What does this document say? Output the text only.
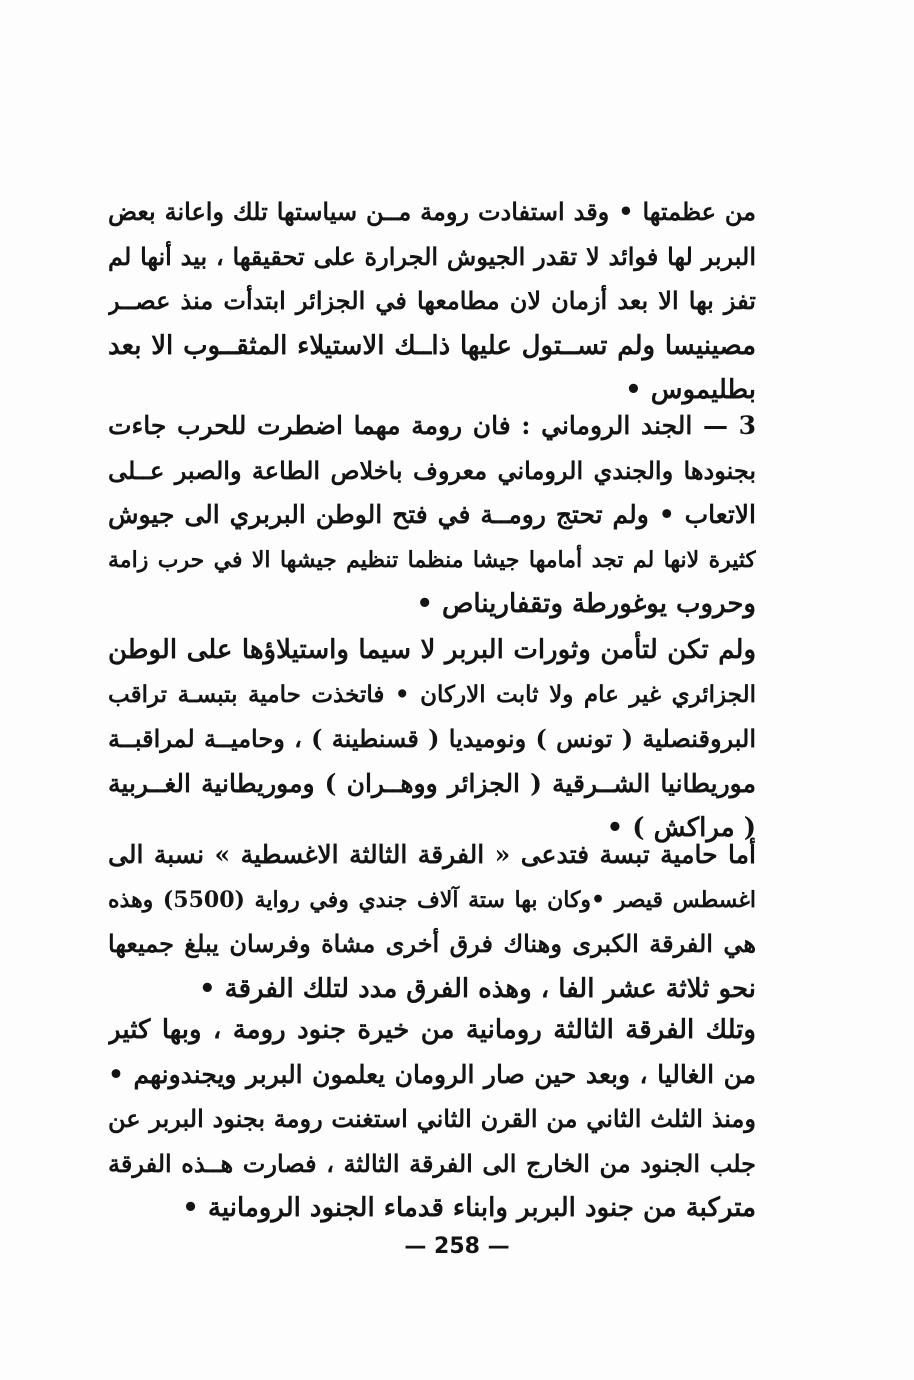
من عظمتها • وقد استفادت رومة مــن سياستها تلك واعانة بعض
البربر لها فوائد لا تقدر الجيوش الجرارة على تحقيقها ، بيد أنها لم
تفز بها الا بعد أزمان لان مطامعها في الجزائر ابتدأت منذ عصــر
مصينيسا ولم تســتول عليها ذاــك الاستيلاء المثقــوب الا بعد
بطليموس •
3 — الجند الروماني : فان رومة مهما اضطرت للحرب جاءت
بجنودها والجندي الروماني معروف باخلاص الطاعة والصبر عــلى
الاتعاب • ولم تحتج رومــة في فتح الوطن البربري الى جيوش
كثيرة لانها لم تجد أمامها جيشا منظما تنظيم جيشها الا في حرب زامة
وحروب يوغورطة وتقفاريناص •
ولم تكن لتأمن وثورات البربر لا سيما واستيلاؤها على الوطن
الجزائري غير عام ولا ثابت الاركان • فاتخذت حامية بتبسـة تراقب
البروقنصلية ( تونس ) ونوميديا ( قسنطينة ) ، وحاميــة لمراقبــة
موريطانيا الشــرقية ( الجزائر ووهــران ) وموريطانية الغــربية
( مراكش ) •
أما حامية تبسة فتدعى « الفرقة الثالثة الاغسطية » نسبة الى
اغسطس قيصر •وكان بها ستة آلاف جندي وفي رواية (5500) وهذه
هي الفرقة الكبرى وهناك فرق أخرى مشاة وفرسان يبلغ جميعها
نحو ثلاثة عشر الفا ، وهذه الفرق مدد لتلك الفرقة •
وتلك الفرقة الثالثة رومانية من خيرة جنود رومة ، وبها كثير
من الغاليا ، وبعد حين صار الرومان يعلمون البربر ويجندونهم •
ومنذ الثلث الثاني من القرن الثاني استغنت رومة بجنود البربر عن
جلب الجنود من الخارج الى الفرقة الثالثة ، فصارت هــذه الفرقة
متركبة من جنود البربر وابناء قدماء الجنود الرومانية •
— 258 —
